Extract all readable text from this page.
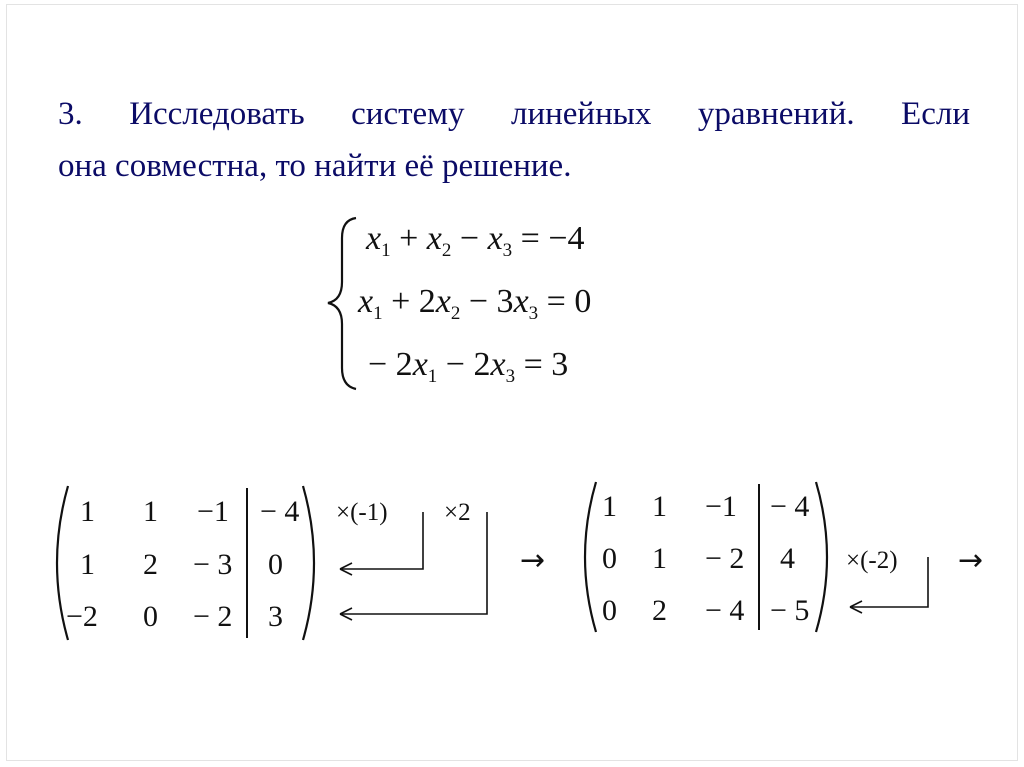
3. Исследовать систему линейных уравнений. Если
она совместна, то найти её решение.

$x_1 + x_2 - x_3 = -4$
$x_1 + 2x_2 - 3x_3 = 0$
− $2x_1 - 2x_3 = 3$
1 1 −1 − 4
1 2 − 3 0
−2 0 − 2 3
×(-1) ×2
→
1 1 −1 − 4
0 1 − 2 4
0 2 − 4 − 5
×(-2) →
